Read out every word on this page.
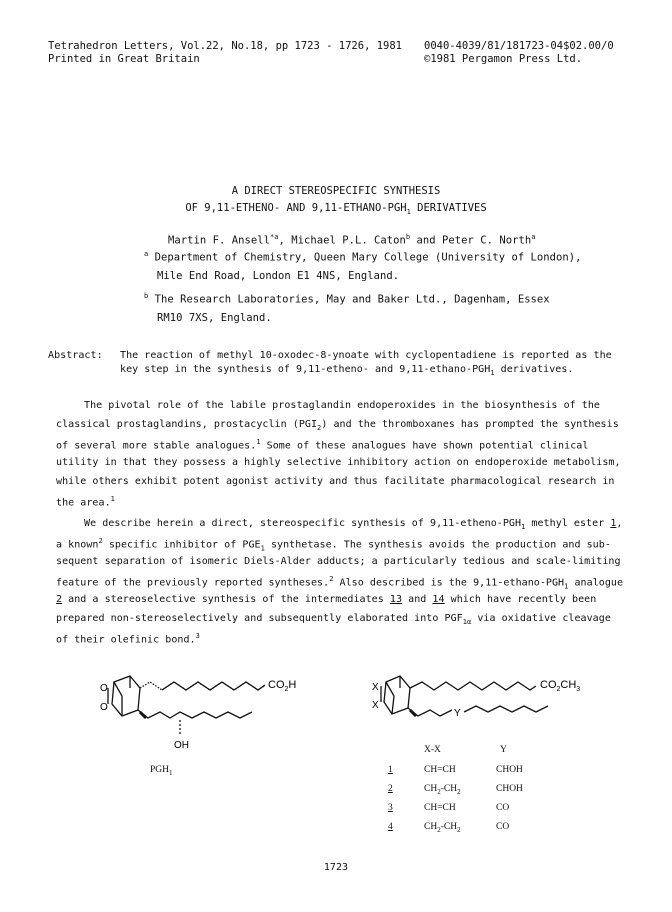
Tetrahedron Letters, Vol.22, No.18, pp 1723 - 1726, 1981
Printed in Great Britain
0040-4039/81/181723-04$02.00/0
©1981 Pergamon Press Ltd.
A DIRECT STEREOSPECIFIC SYNTHESIS
OF 9,11-ETHENO- AND $9,11-ETHANO-PGH_1$ DERIVATIVES
Martin F. Ansell$^{*a}$, Michael P.L. Caton$^b$ and Peter C. North$^a$
$^a$ Department of Chemistry, Queen Mary College (University of London),
Mile End Road, London E1 4NS, England.
$^b$ The Research Laboratories, May and Baker Ltd., Dagenham, Essex
RM10 7XS, England.
Abstract: The reaction of methyl 10-oxodec-8-ynoate with cyclopentadiene is reported as the
key step in the synthesis of 9,11-etheno- and $9,11-ethano-PGH_1$ derivatives.
The pivotal role of the labile prostaglandin endoperoxides in the biosynthesis of the
classical prostaglandins, prostacyclin $(PGI_2)$ and the thromboxanes has prompted the synthesis
of several more stable analogues.$^1$ Some of these analogues have shown potential clinical
utility in that they possess a highly selective inhibitory action on endoperoxide metabolism,
while others exhibit potent agonist activity and thus facilitate pharmacological research in
the area.$^1$
We describe herein a direct, stereospecific synthesis of $9,11-etheno-PGH_1$ methyl ester 1,
a known$^2$ specific inhibitor of $PGE_1$ synthetase. The synthesis avoids the production and sub-
sequent separation of isomeric Diels-Alder adducts; a particularly tedious and scale-limiting
feature of the previously reported syntheses.$^2$ Also described is the $9,11-ethano-PGH_1$ analogue
2 and a stereoselective synthesis of the intermediates 13 and 14 which have recently been
prepared non-stereoselectively and subsequently elaborated into $PGF_{1\alpha}$ via oxidative cleavage
of their olefinic bond.$^3$
O
O
$CO_2H$
OH
$PGH_1$
X
X
$CO_2CH_3$
Y
X-X	Y
1	CH=CH	CHOH
2	$CH_2-CH_2$	CHOH
3	CH=CH	CO
4	$CH_2-CH_2$	CO
1723
